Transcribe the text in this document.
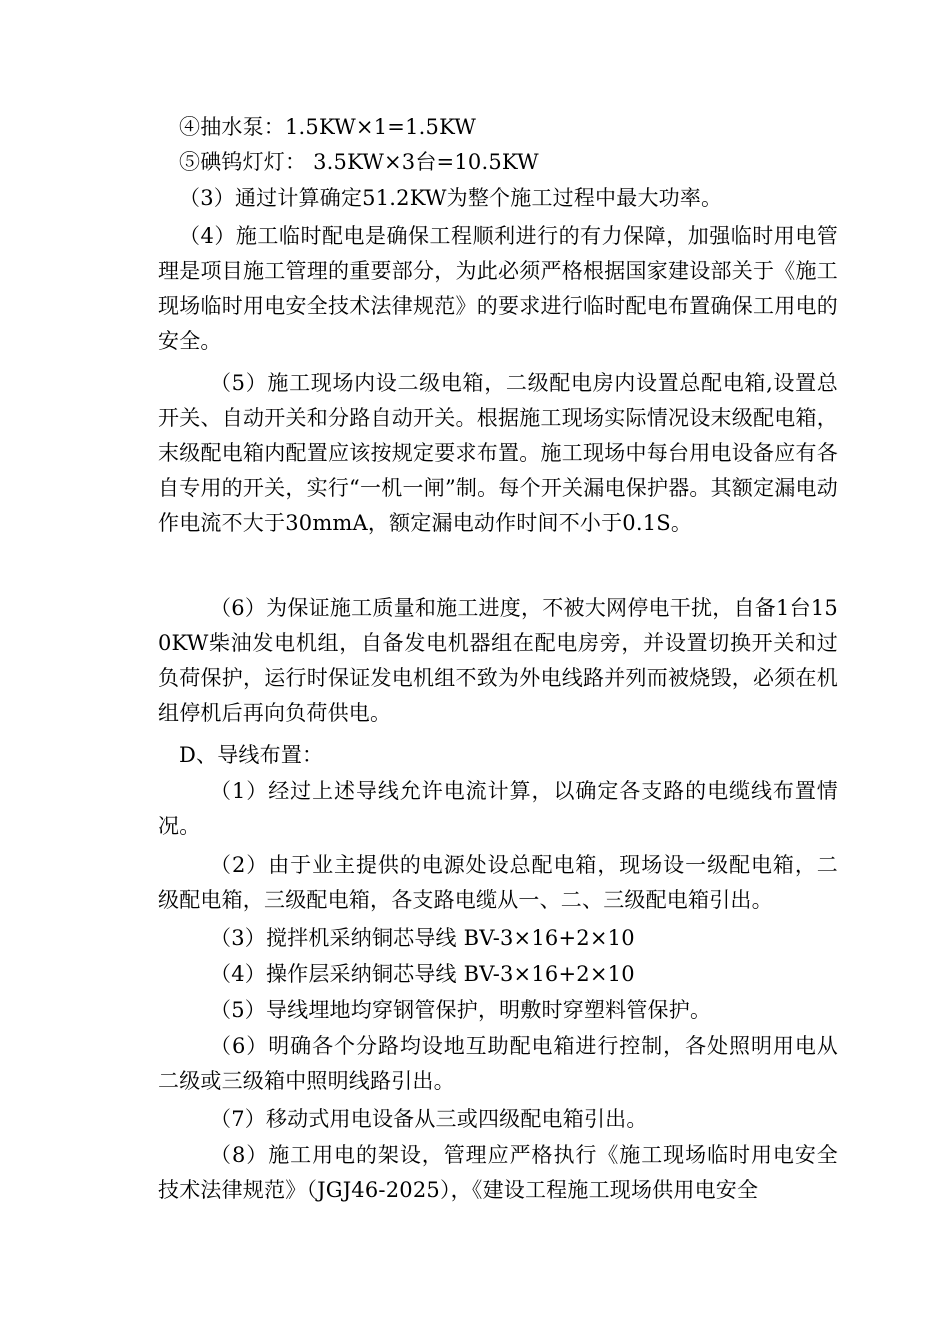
④抽水泵：1.5KW×1=1.5KW

⑤碘钨灯灯： 3.5KW×3台=10.5KW

（3）通过计算确定51.2KW为整个施工过程中最大功率。

（4）施工临时配电是确保工程顺利进行的有力保障，加强临时用电管理是项目施工管理的重要部分，为此必须严格根据国家建设部关于《施工现场临时用电安全技术法律规范》的要求进行临时配电布置确保工用电的安全。

（5）施工现场内设二级电箱，二级配电房内设置总配电箱,设置总开关、自动开关和分路自动开关。根据施工现场实际情况设末级配电箱，末级配电箱内配置应该按规定要求布置。施工现场中每台用电设备应有各自专用的开关，实行“一机一闸”制。每个开关漏电保护器。其额定漏电动作电流不大于30mmA，额定漏电动作时间不小于0.1S。

（6）为保证施工质量和施工进度，不被大网停电干扰，自备1台150KW柴油发电机组，自备发电机器组在配电房旁，并设置切换开关和过负荷保护，运行时保证发电机组不致为外电线路并列而被烧毁，必须在机组停机后再向负荷供电。

D、导线布置：

（1）经过上述导线允许电流计算，以确定各支路的电缆线布置情况。

（2）由于业主提供的电源处设总配电箱，现场设一级配电箱，二级配电箱，三级配电箱，各支路电缆从一、二、三级配电箱引出。

（3）搅拌机采纳铜芯导线 BV-3×16+2×10

（4）操作层采纳铜芯导线 BV-3×16+2×10

（5）导线埋地均穿钢管保护，明敷时穿塑料管保护。

（6）明确各个分路均设地互助配电箱进行控制，各处照明用电从二级或三级箱中照明线路引出。

（7）移动式用电设备从三或四级配电箱引出。

（8）施工用电的架设，管理应严格执行《施工现场临时用电安全技术法律规范》（JGJ46-2025），《建设工程施工现场供用电安全
